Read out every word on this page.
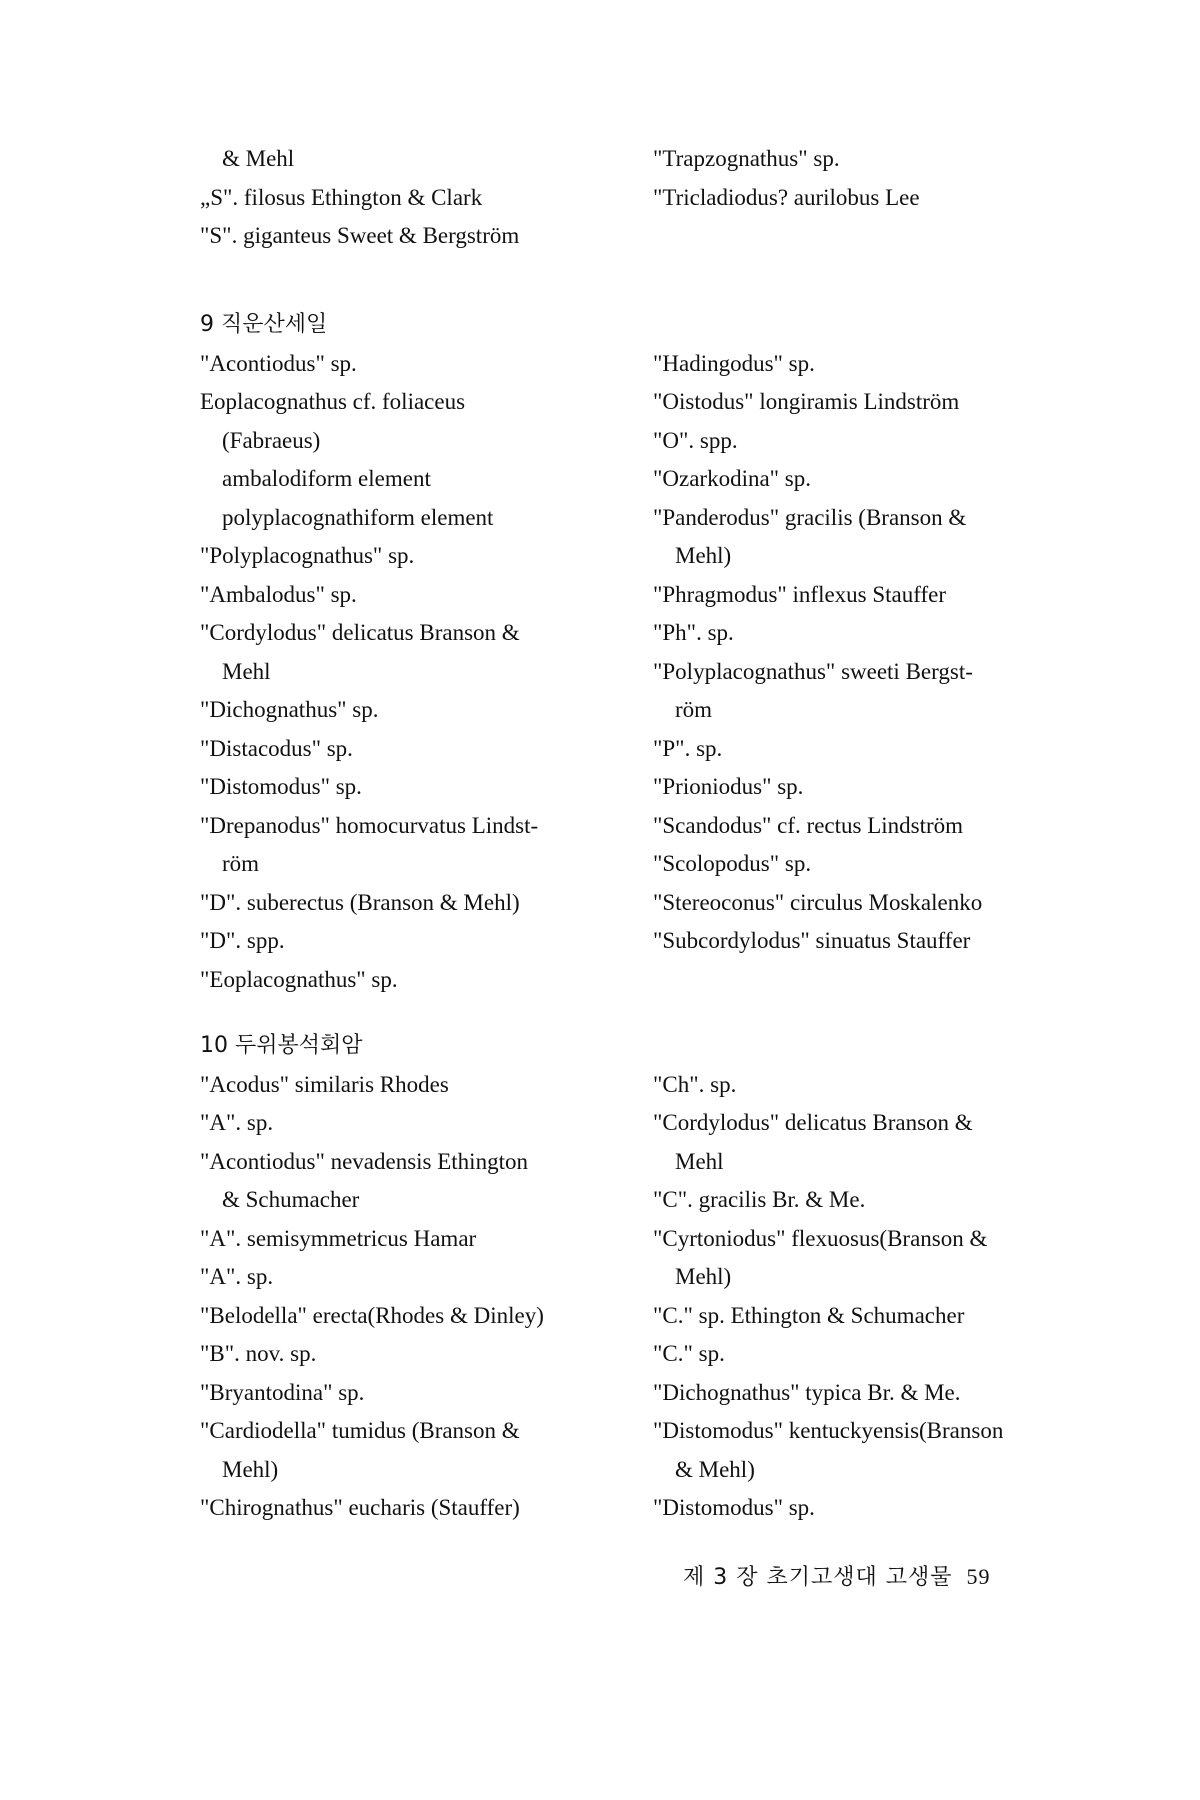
& Mehl
„S". filosus Ethington & Clark
"S". giganteus Sweet & Bergström
"Trapzognathus" sp.
"Tricladiodus? aurilobus Lee
9 직운산세일
"Acontiodus" sp.
Eoplacognathus cf. foliaceus
(Fabraeus)
ambalodiform element
polyplacognathiform element
"Polyplacognathus" sp.
"Ambalodus" sp.
"Cordylodus" delicatus Branson &
Mehl
"Dichognathus" sp.
"Distacodus" sp.
"Distomodus" sp.
"Drepanodus" homocurvatus Lindst-
röm
"D". suberectus (Branson & Mehl)
"D". spp.
"Eoplacognathus" sp.
"Hadingodus" sp.
"Oistodus" longiramis Lindström
"O". spp.
"Ozarkodina" sp.
"Panderodus" gracilis (Branson &
Mehl)
"Phragmodus" inflexus Stauffer
"Ph". sp.
"Polyplacognathus" sweeti Bergst-
röm
"P". sp.
"Prioniodus" sp.
"Scandodus" cf. rectus Lindström
"Scolopodus" sp.
"Stereoconus" circulus Moskalenko
"Subcordylodus" sinuatus Stauffer
10 두위봉석회암
"Acodus" similaris Rhodes
"A". sp.
"Acontiodus" nevadensis Ethington
& Schumacher
"A". semisymmetricus Hamar
"A". sp.
"Belodella" erecta(Rhodes & Dinley)
"B". nov. sp.
"Bryantodina" sp.
"Cardiodella" tumidus (Branson &
Mehl)
"Chirognathus" eucharis (Stauffer)
"Ch". sp.
"Cordylodus" delicatus Branson &
Mehl
"C". gracilis Br. & Me.
"Cyrtoniodus" flexuosus(Branson &
Mehl)
"C." sp. Ethington & Schumacher
"C." sp.
"Dichognathus" typica Br. & Me.
"Distomodus" kentuckyensis(Branson
& Mehl)
"Distomodus" sp.
제 3 장 초기고생대 고생물 59
